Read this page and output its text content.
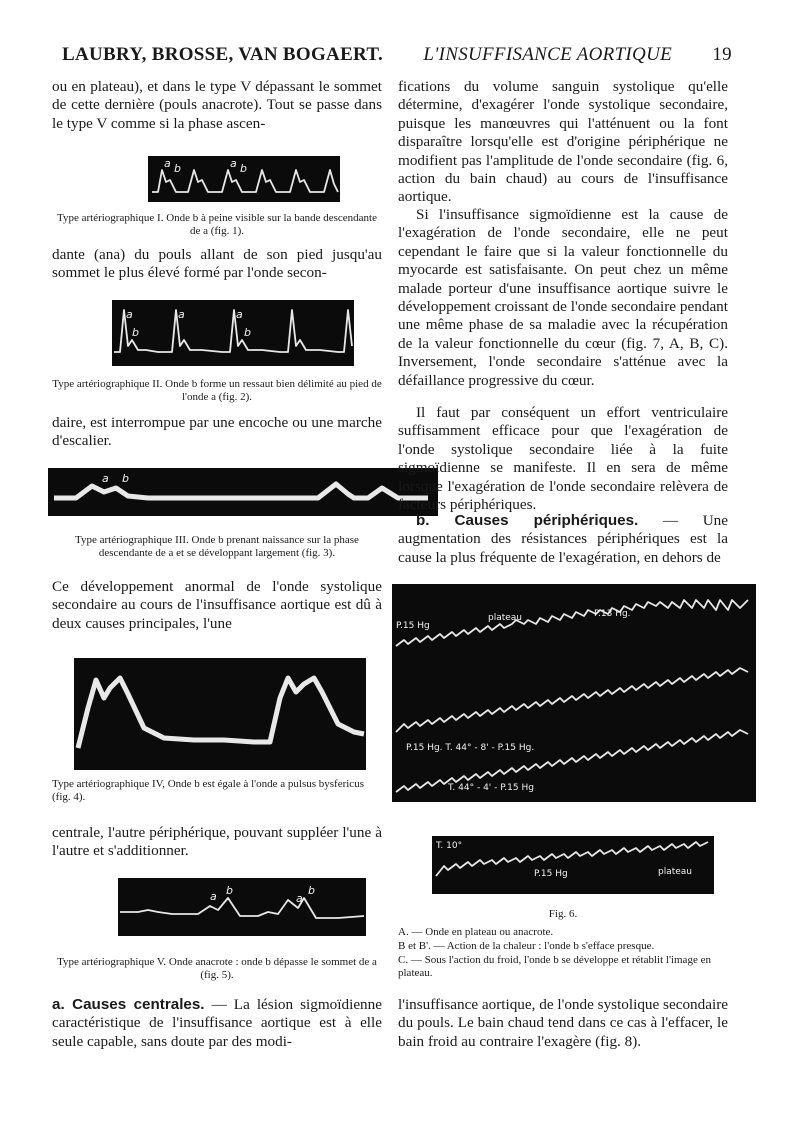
LAUBRY, BROSSE, VAN BOGAERT. L'INSUFFISANCE AORTIQUE 19

ou en plateau), et dans le type V dépassant le sommet de cette dernière (pouls anacrote). Tout se passe dans le type V comme si la phase ascen-

a b	a b

Type artériographique I. Onde b à peine visible sur la bande descendante de a (fig. 1).

dante (ana) du pouls allant de son pied jusqu'au sommet le plus élevé formé par l'onde secon-

a
b
a	a
b

Type artériographique II. Onde b forme un ressaut bien délimité au pied de l'onde a (fig. 2).

daire, est interrompue par une encoche ou une marche d'escalier.

a b

Type artériographique III. Onde b prenant naissance sur la phase descendante de a et se développant largement (fig. 3).

Ce développement anormal de l'onde systolique secondaire au cours de l'insuffisance aortique est dû à deux causes principales, l'une

Type artériographique IV, Onde b est égale à l'onde a pulsus bysfericus (fig. 4).

centrale, l'autre périphérique, pouvant suppléer l'une à l'autre et s'additionner.

a b
a
b

Type artériographique V. Onde anacrote : onde b dépasse le sommet de a (fig. 5).

a. Causes centrales. — La lésion sigmoïdienne caractéristique de l'insuffisance aortique est à elle seule capable, sans doute par des modi-

fications du volume sanguin systolique qu'elle détermine, d'exagérer l'onde systolique secondaire, puisque les manœuvres qui l'atténuent ou la font disparaître lorsqu'elle est d'origine périphérique ne modifient pas l'amplitude de l'onde secondaire (fig. 6, action du bain chaud) au cours de l'insuffisance aortique.

Si l'insuffisance sigmoïdienne est la cause de l'exagération de l'onde secondaire, elle ne peut cependant le faire que si la valeur fonctionnelle du myocarde est satisfaisante. On peut chez un même malade porteur d'une insuffisance aortique suivre le développement croissant de l'onde secondaire pendant une même phase de sa maladie avec la récupération de la valeur fonctionnelle du cœur (fig. 7, A, B, C). Inversement, l'onde secondaire s'atténue avec la défaillance progressive du cœur.

Il faut par conséquent un effort ventriculaire suffisamment efficace pour que l'exagération de l'onde systolique secondaire liée à la fuite sigmoïdienne se manifeste. Il en sera de même lorsque l'exagération de l'onde secondaire relèvera de facteurs périphériques.

b. Causes périphériques. — Une augmentation des résistances périphériques est la cause la plus fréquente de l'exagération, en dehors de

P.15 Hg
plateau	P.13 Hg.
P.15 Hg. T. 44° - 8' - P.15 Hg.
T. 44° - 4' - P.15 Hg
T. 10°
P.15 Hg	plateau

Fig. 6.

A. — Onde en plateau ou anacrote.

B et B'. — Action de la chaleur : l'onde b s'efface presque.

C. — Sous l'action du froid, l'onde b se développe et rétablit l'image en plateau.

l'insuffisance aortique, de l'onde systolique secondaire du pouls. Le bain chaud tend dans ce cas à l'effacer, le bain froid au contraire l'exagère (fig. 8).
